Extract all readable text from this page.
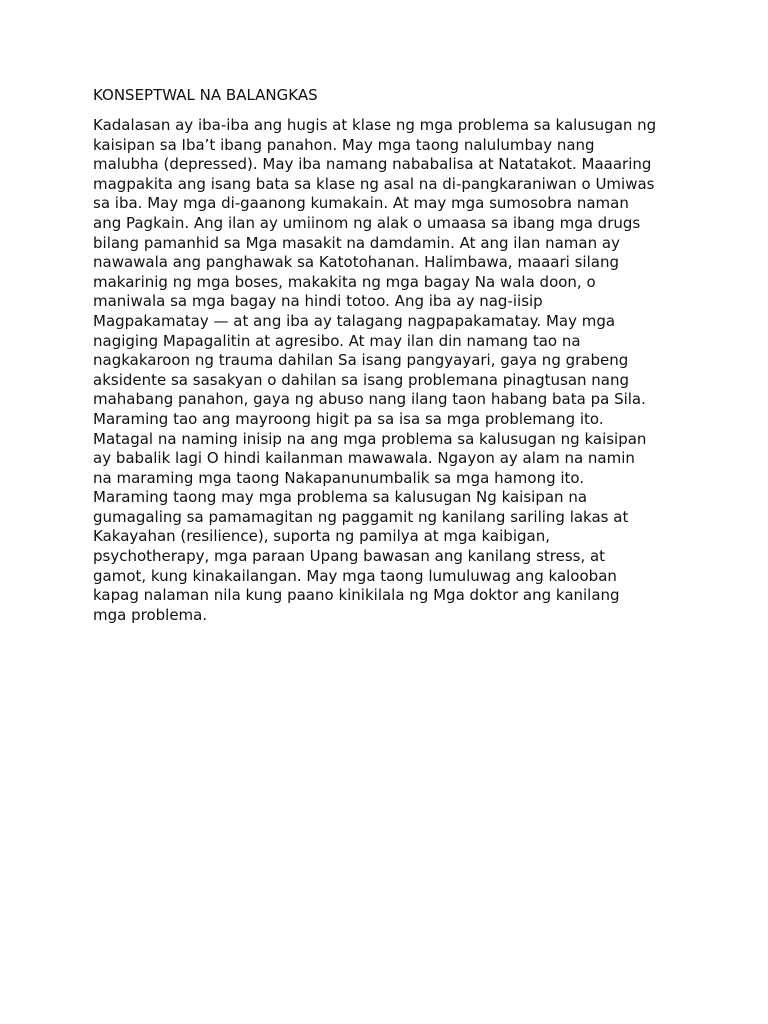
KONSEPTWAL NA BALANGKAS
Kadalasan ay iba-iba ang hugis at klase ng mga problema sa kalusugan ng
kaisipan sa Iba’t ibang panahon. May mga taong nalulumbay nang
malubha (depressed). May iba namang nababalisa at Natatakot. Maaaring
magpakita ang isang bata sa klase ng asal na di-pangkaraniwan o Umiwas
sa iba. May mga di-gaanong kumakain. At may mga sumosobra naman
ang Pagkain. Ang ilan ay umiinom ng alak o umaasa sa ibang mga drugs
bilang pamanhid sa Mga masakit na damdamin. At ang ilan naman ay
nawawala ang panghawak sa Katotohanan. Halimbawa, maaari silang
makarinig ng mga boses, makakita ng mga bagay Na wala doon, o
maniwala sa mga bagay na hindi totoo. Ang iba ay nag-iisip
Magpakamatay — at ang iba ay talagang nagpapakamatay. May mga
nagiging Mapagalitin at agresibo. At may ilan din namang tao na
nagkakaroon ng trauma dahilan Sa isang pangyayari, gaya ng grabeng
aksidente sa sasakyan o dahilan sa isang problemana pinagtusan nang
mahabang panahon, gaya ng abuso nang ilang taon habang bata pa Sila.
Maraming tao ang mayroong higit pa sa isa sa mga problemang ito.
Matagal na naming inisip na ang mga problema sa kalusugan ng kaisipan
ay babalik lagi O hindi kailanman mawawala. Ngayon ay alam na namin
na maraming mga taong Nakapanunumbalik sa mga hamong ito.
Maraming taong may mga problema sa kalusugan Ng kaisipan na
gumagaling sa pamamagitan ng paggamit ng kanilang sariling lakas at
Kakayahan (resilience), suporta ng pamilya at mga kaibigan,
psychotherapy, mga paraan Upang bawasan ang kanilang stress, at
gamot, kung kinakailangan. May mga taong lumuluwag ang kalooban
kapag nalaman nila kung paano kinikilala ng Mga doktor ang kanilang
mga problema.
